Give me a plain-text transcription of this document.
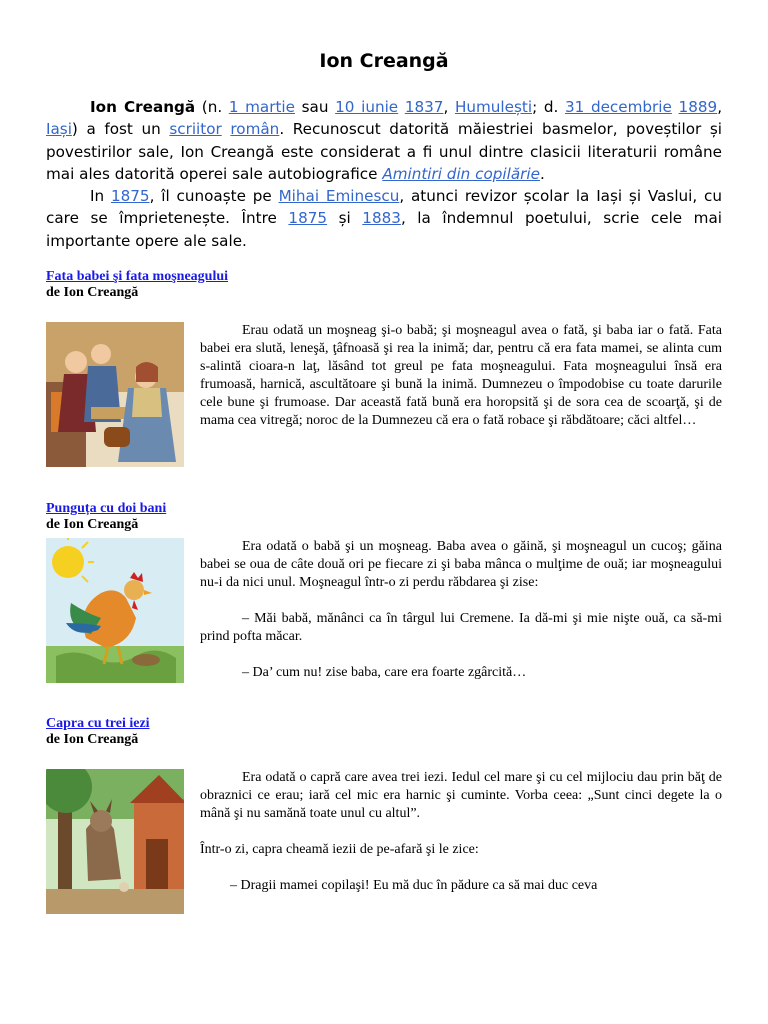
Ion Creangă

Ion Creangă (n. 1 martie sau 10 iunie 1837, Humulești; d. 31 decembrie 1889, Iași) a fost un scriitor român. Recunoscut datorită măiestriei basmelor, poveștilor și povestirilor sale, Ion Creangă este considerat a fi unul dintre clasicii literaturii române mai ales datorită operei sale autobiografice Amintiri din copilărie.

In 1875, îl cunoaște pe Mihai Eminescu, atunci revizor școlar la Iași și Vaslui, cu care se împrietenește. Între 1875 și 1883, la îndemnul poetului, scrie cele mai importante opere ale sale.

Fata babei şi fata moşneagului
de Ion Creangă

Erau odată un moşneag şi-o babă; şi moşneagul avea o fată, şi baba iar o fată. Fata babei era slută, leneşă, ţâfnoasă şi rea la inimă; dar, pentru că era fata mamei, se alinta cum s-alintă cioara-n laţ, lăsând tot greul pe fata moşneagului. Fata moşneagului însă era frumoasă, harnică, ascultătoare şi bună la inimă. Dumnezeu o împodobise cu toate darurile cele bune şi frumoase. Dar această fată bună era horopsită şi de sora cea de scoarţă, şi de mama cea vitregă; noroc de la Dumnezeu că era o fată robace şi răbdătoare; căci altfel…

Punguța cu doi bani
de Ion Creangă

Era odată o babă şi un moşneag. Baba avea o găină, şi moşneagul un cucoş; găina babei se oua de câte două ori pe fiecare zi şi baba mânca o mulţime de ouă; iar moşneagului nu-i da nici unul. Moşneagul într-o zi perdu răbdarea şi zise:

– Măi babă, mănânci ca în târgul lui Cremene. Ia dă-mi şi mie nişte ouă, ca să-mi prind pofta măcar.

– Da’ cum nu! zise baba, care era foarte zgârcită…

Capra cu trei iezi
de Ion Creangă

Era odată o capră care avea trei iezi. Iedul cel mare şi cu cel mijlociu dau prin băţ de obraznici ce erau; iară cel mic era harnic şi cuminte. Vorba ceea: „Sunt cinci degete la o mână şi nu samănă toate unul cu altul”.

Într-o zi, capra cheamă iezii de pe-afară şi le zice:

– Dragii mamei copilaşi! Eu mă duc în pădure ca să mai duc ceva
